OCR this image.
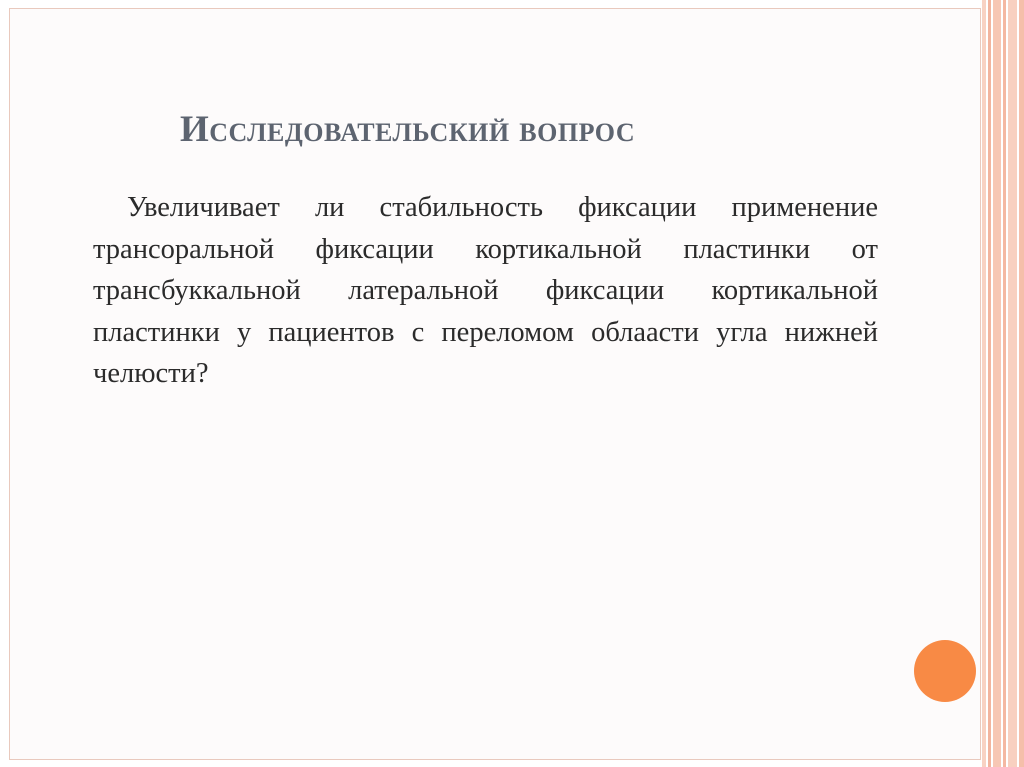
Исследовательский вопрос

Увеличивает ли стабильность фиксации применение трансоральной фиксации кортикальной пластинки от трансбуккальной латеральной фиксации кортикальной пластинки у пациентов с переломом облаасти угла нижней челюсти?
